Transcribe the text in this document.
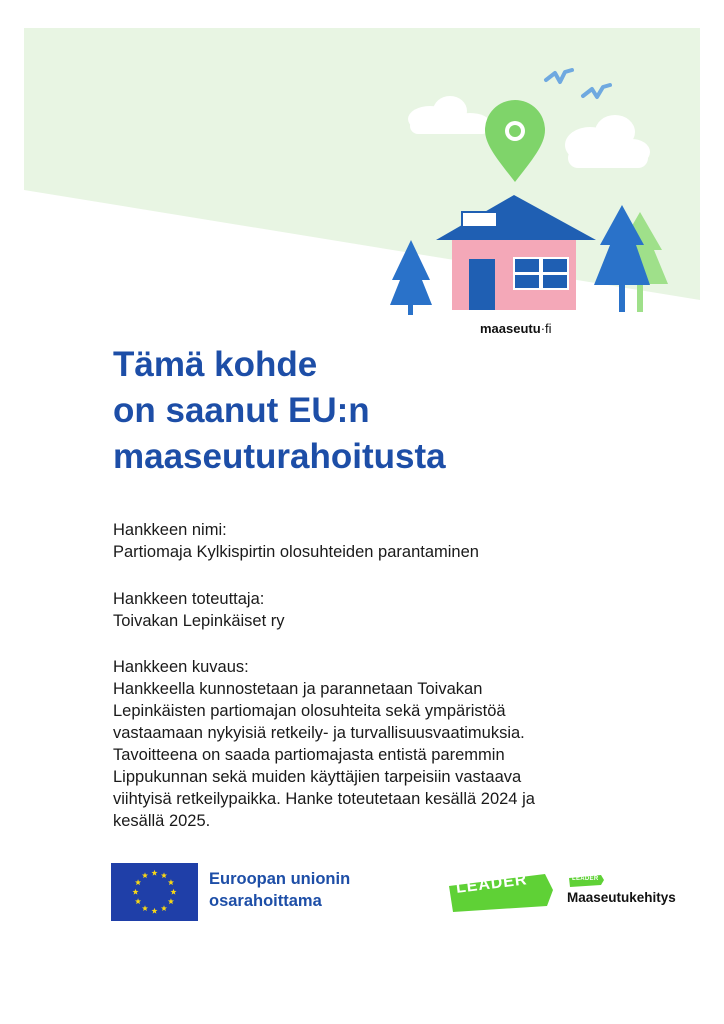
maaseutu·fi
Tämä kohde
on saanut EU:n
maaseuturahoitusta
Hankkeen nimi:
Partiomaja Kylkispirtin olosuhteiden parantaminen
Hankkeen toteuttaja:
Toivakan Lepinkäiset ry
Hankkeen kuvaus:
Hankkeella kunnostetaan ja parannetaan Toivakan
Lepinkäisten partiomajan olosuhteita sekä ympäristöä
vastaamaan nykyisiä retkeily- ja turvallisuusvaatimuksia.
Tavoitteena on saada partiomajasta entistä paremmin
Lippukunnan sekä muiden käyttäjien tarpeisiin vastaava
viihtyisä retkeilypaikka. Hanke toteutetaan kesällä 2024 ja
kesällä 2025.
Euroopan unionin
osarahoittama
LEADER	LEADER
Maaseutukehitys
